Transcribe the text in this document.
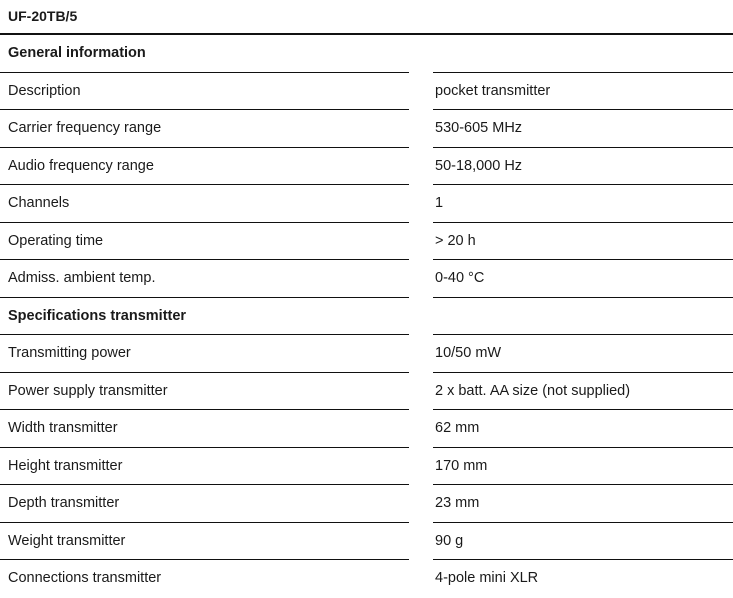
UF-20TB/5
General information
Description	pocket transmitter
Carrier frequency range	530-605 MHz
Audio frequency range	50-18,000 Hz
Channels	1
Operating time	> 20 h
Admiss. ambient temp.	0-40 °C
Specifications transmitter
Transmitting power	10/50 mW
Power supply transmitter	2 x batt. AA size (not supplied)
Width transmitter	62 mm
Height transmitter	170 mm
Depth transmitter	23 mm
Weight transmitter	90 g
Connections transmitter	4-pole mini XLR
